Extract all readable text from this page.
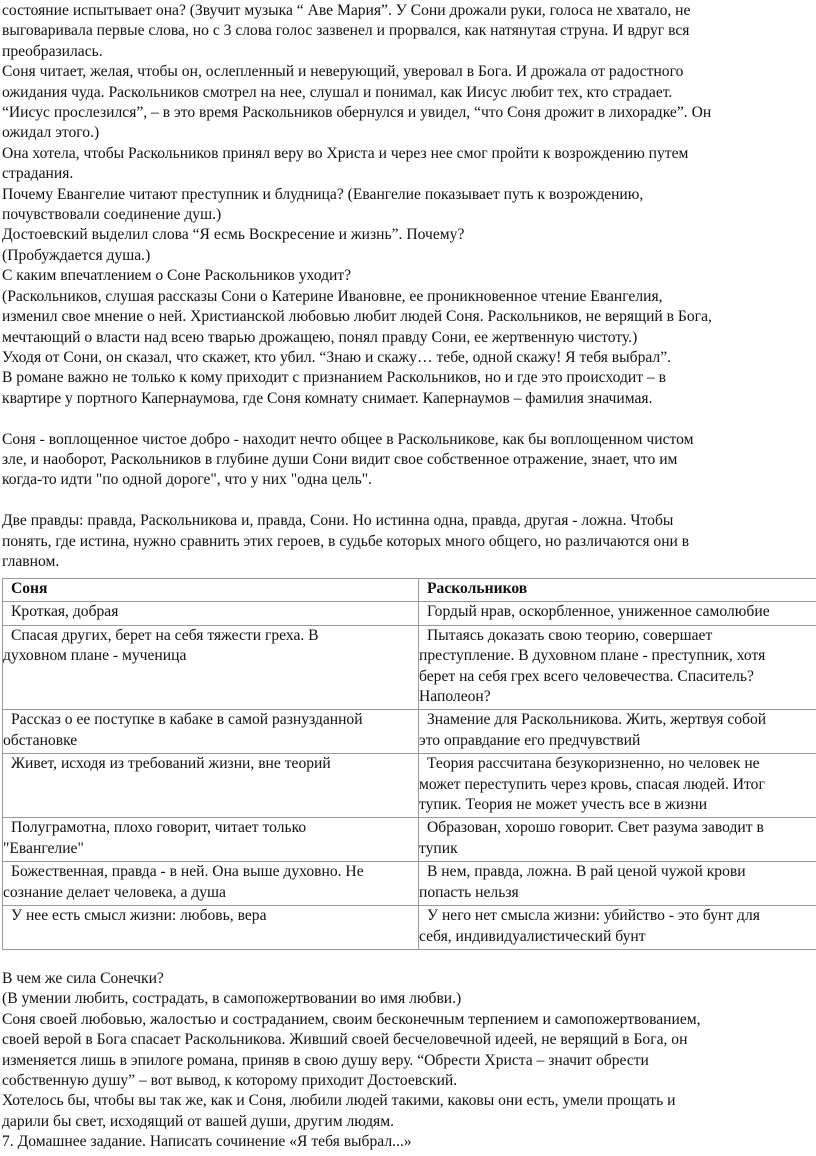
состояние испытывает она? (Звучит музыка “ Аве Мария”. У Сони дрожали руки, голоса не хватало, не

выговаривала первые слова, но с 3 слова голос зазвенел и прорвался, как натянутая струна. И вдруг вся

преобразилась.

Соня читает, желая, чтобы он, ослепленный и неверующий, уверовал в Бога. И дрожала от радостного

ожидания чуда. Раскольников смотрел на нее, слушал и понимал, как Иисус любит тех, кто страдает.

“Иисус прослезился”, – в это время Раскольников обернулся и увидел, “что Соня дрожит в лихорадке”. Он

ожидал этого.)

Она хотела, чтобы Раскольников принял веру во Христа и через нее смог пройти к возрождению путем

страдания.

Почему Евангелие читают преступник и блудница? (Евангелие показывает путь к возрождению,

почувствовали соединение душ.)

Достоевский выделил слова “Я есмь Воскресение и жизнь”. Почему?

(Пробуждается душа.)

С каким впечатлением о Соне Раскольников уходит?

(Раскольников, слушая рассказы Сони о Катерине Ивановне, ее проникновенное чтение Евангелия,

изменил свое мнение о ней. Христианской любовью любит людей Соня. Раскольников, не верящий в Бога,

мечтающий о власти над всею тварью дрожащею, понял правду Сони, ее жертвенную чистоту.)

Уходя от Сони, он сказал, что скажет, кто убил. “Знаю и скажу… тебе, одной скажу! Я тебя выбрал”.

В романе важно не только к кому приходит с признанием Раскольников, но и где это происходит – в

квартире у портного Капернаумова, где Соня комнату снимает. Капернаумов – фамилия значимая.

Соня - воплощенное чистое добро - находит нечто общее в Раскольникове, как бы воплощенном чистом

зле, и наоборот, Раскольников в глубине души Сони видит свое собственное отражение, знает, что им

когда-то идти "по одной дороге", что у них "одна цель".

Две правды: правда, Раскольникова и, правда, Сони. Но истинна одна, правда, другая - ложна. Чтобы

понять, где истина, нужно сравнить этих героев, в судьбе которых много общего, но различаются они в

главном.

Соня	Раскольников

Кроткая, добрая	Гордый нрав, оскорбленное, униженное самолюбие

Спасая других, берет на себя тяжести греха. В
духовном плане - мученица	Пытаясь доказать свою теорию, совершает
преступление. В духовном плане - преступник, хотя
берет на себя грех всего человечества. Спаситель?
Наполеон?

Рассказ о ее поступке в кабаке в самой разнузданной
обстановке	Знамение для Раскольникова. Жить, жертвуя собой
это оправдание его предчувствий

Живет, исходя из требований жизни, вне теорий	Теория рассчитана безукоризненно, но человек не
может переступить через кровь, спасая людей. Итог
тупик. Теория не может учесть все в жизни

Полуграмотна, плохо говорит, читает только
"Евангелие"	Образован, хорошо говорит. Свет разума заводит в
тупик

Божественная, правда - в ней. Она выше духовно. Не
сознание делает человека, а душа	В нем, правда, ложна. В рай ценой чужой крови
попасть нельзя

У нее есть смысл жизни: любовь, вера	У него нет смысла жизни: убийство - это бунт для
себя, индивидуалистический бунт

В чем же сила Сонечки?

(В умении любить, сострадать, в самопожертвовании во имя любви.)

Соня своей любовью, жалостью и состраданием, своим бесконечным терпением и самопожертвованием,

своей верой в Бога спасает Раскольникова. Живший своей бесчеловечной идеей, не верящий в Бога, он

изменяется лишь в эпилоге романа, приняв в свою душу веру. “Обрести Христа – значит обрести

собственную душу” – вот вывод, к которому приходит Достоевский.

Хотелось бы, чтобы вы так же, как и Соня, любили людей такими, каковы они есть, умели прощать и

дарили бы свет, исходящий от вашей души, другим людям.

7. Домашнее задание. Написать сочинение «Я тебя выбрал...»
